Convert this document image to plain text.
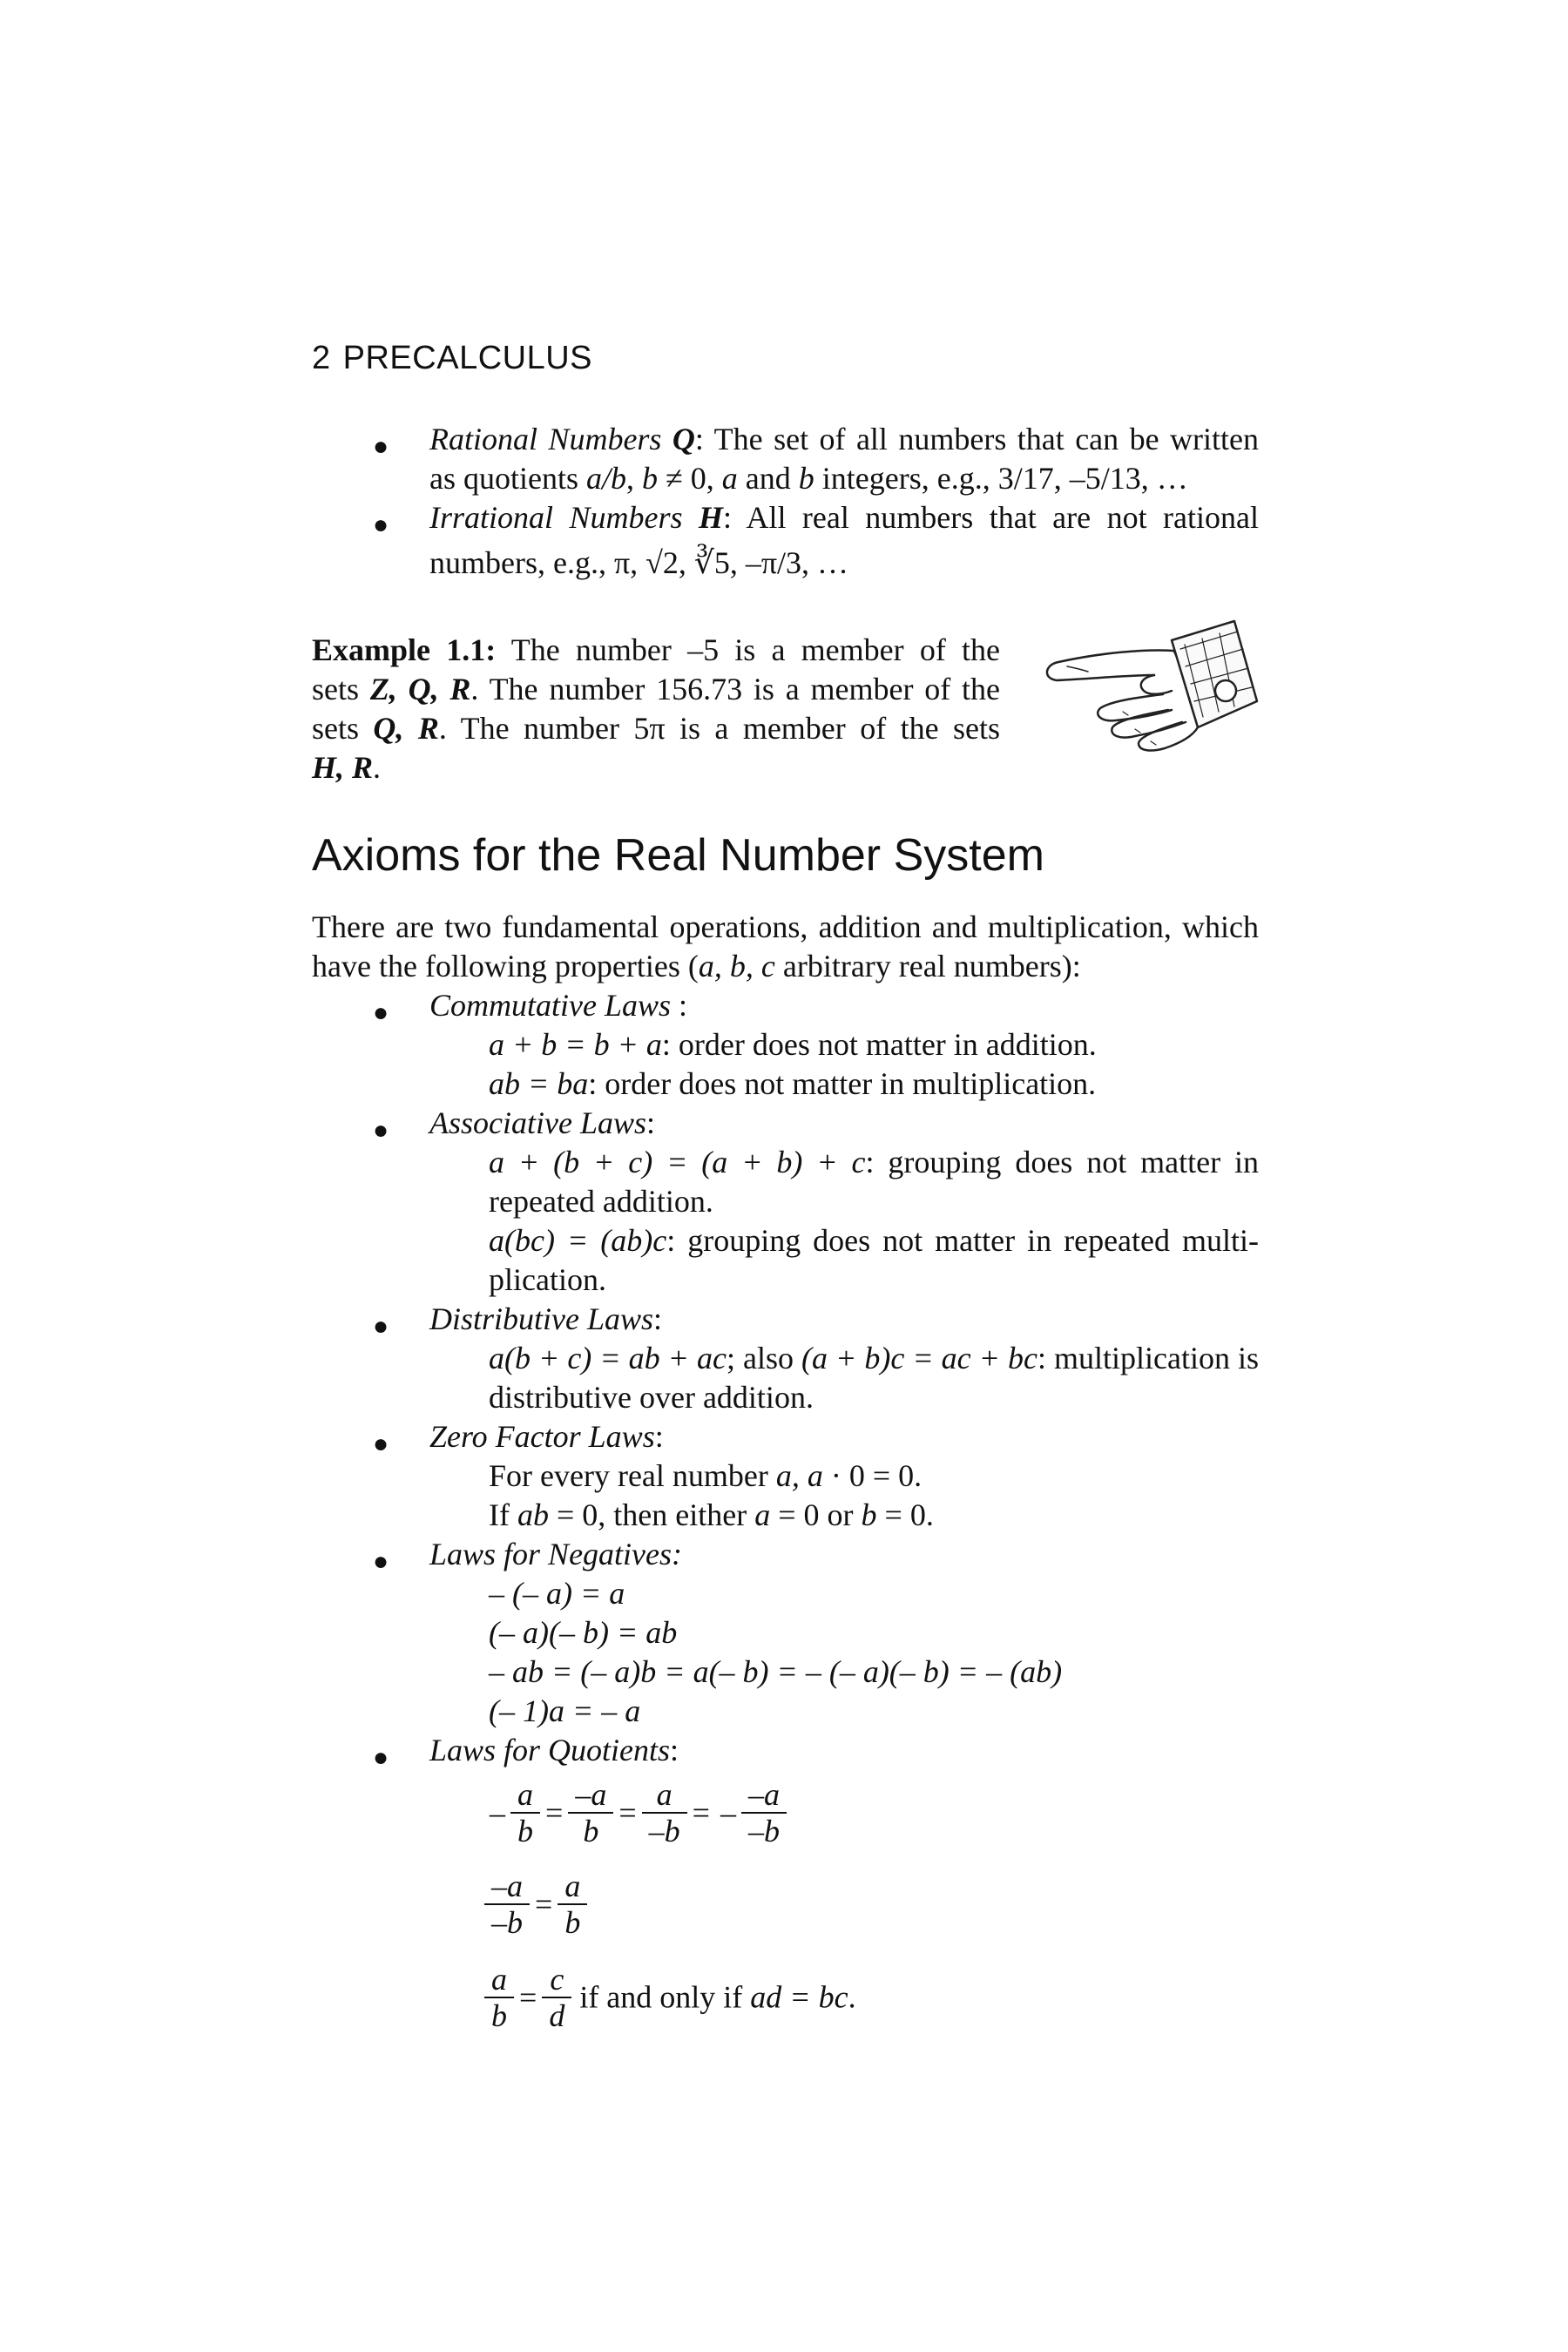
2 PRECALCULUS
● Rational Numbers Q: The set of all numbers that can be written
as quotients a/b, b ≠ 0, a and b integers, e.g., 3/17, –5/13, …
● Irrational Numbers H: All real numbers that are not rational
numbers, e.g., π, √2, ∛5, –π/3, …
Example 1.1: The number –5 is a member of the
sets Z, Q, R. The number 156.73 is a member of the
sets Q, R. The number 5π is a member of the sets
H, R.
Axioms for the Real Number System
There are two fundamental operations, addition and multiplication, which
have the following properties (a, b, c arbitrary real numbers):
● Commutative Laws :
a + b = b + a: order does not matter in addition.
ab = ba: order does not matter in multiplication.
● Associative Laws:
a + (b + c) = (a + b) + c: grouping does not matter in
repeated addition.
a(bc) = (ab)c: grouping does not matter in repeated multi-
plication.
● Distributive Laws:
a(b + c) = ab + ac; also (a + b)c = ac + bc: multiplication is
distributive over addition.
● Zero Factor Laws:
For every real number a, a · 0 = 0.
If ab = 0, then either a = 0 or b = 0.
● Laws for Negatives:
– (– a) = a
(– a)(– b) = ab
– ab = (– a)b = a(– b) = – (– a)(– b) = – (ab)
(– 1)a = – a
● Laws for Quotients:
– $\frac{a}{b} = \frac{-a}{b} = \frac{a}{-b}$ = – $\frac{-a}{-b}$
$\frac{-a}{-b} = \frac{a}{b}$
$\frac{a}{b} = \frac{c}{d}$ if and only if ad = bc.
